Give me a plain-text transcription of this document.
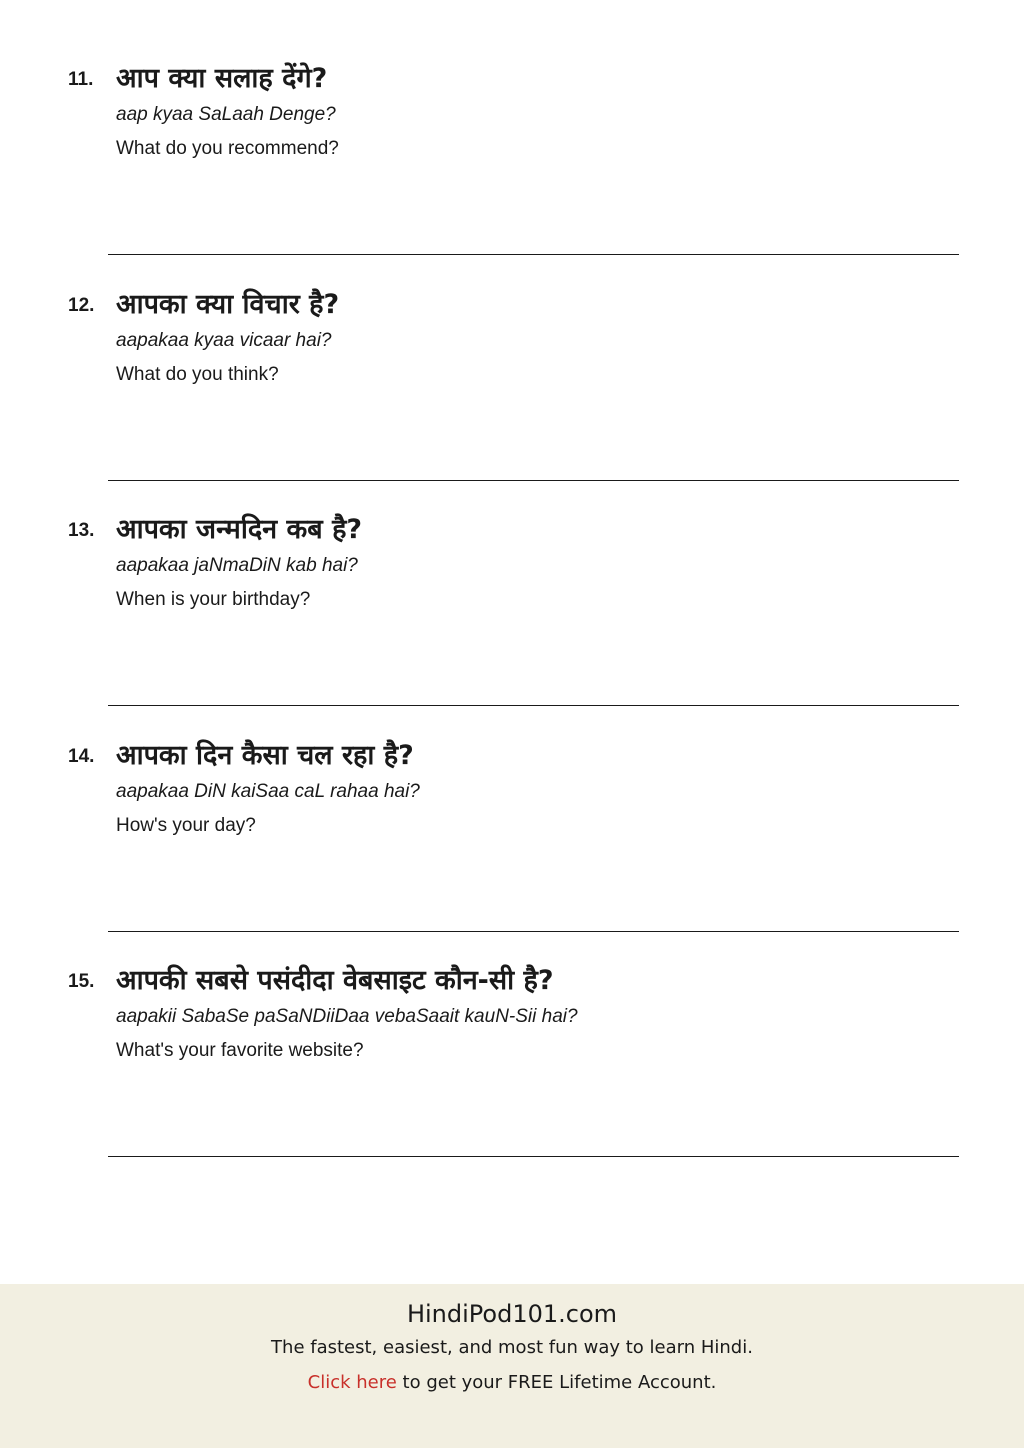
11. आप क्या सलाह देंगे?
aap kyaa SaLaah Denge?
What do you recommend?
12. आपका क्या विचार है?
aapakaa kyaa vicaar hai?
What do you think?
13. आपका जन्मदिन कब है?
aapakaa jaNmaDiN kab hai?
When is your birthday?
14. आपका दिन कैसा चल रहा है?
aapakaa DiN kaiSaa caL rahaa hai?
How's your day?
15. आपकी सबसे पसंदीदा वेबसाइट कौन-सी है?
aapakii SabaSe paSaNDiiDaa vebaSaait kauN-Sii hai?
What's your favorite website?
HindiPod101.com
The fastest, easiest, and most fun way to learn Hindi.
Click here to get your FREE Lifetime Account.
